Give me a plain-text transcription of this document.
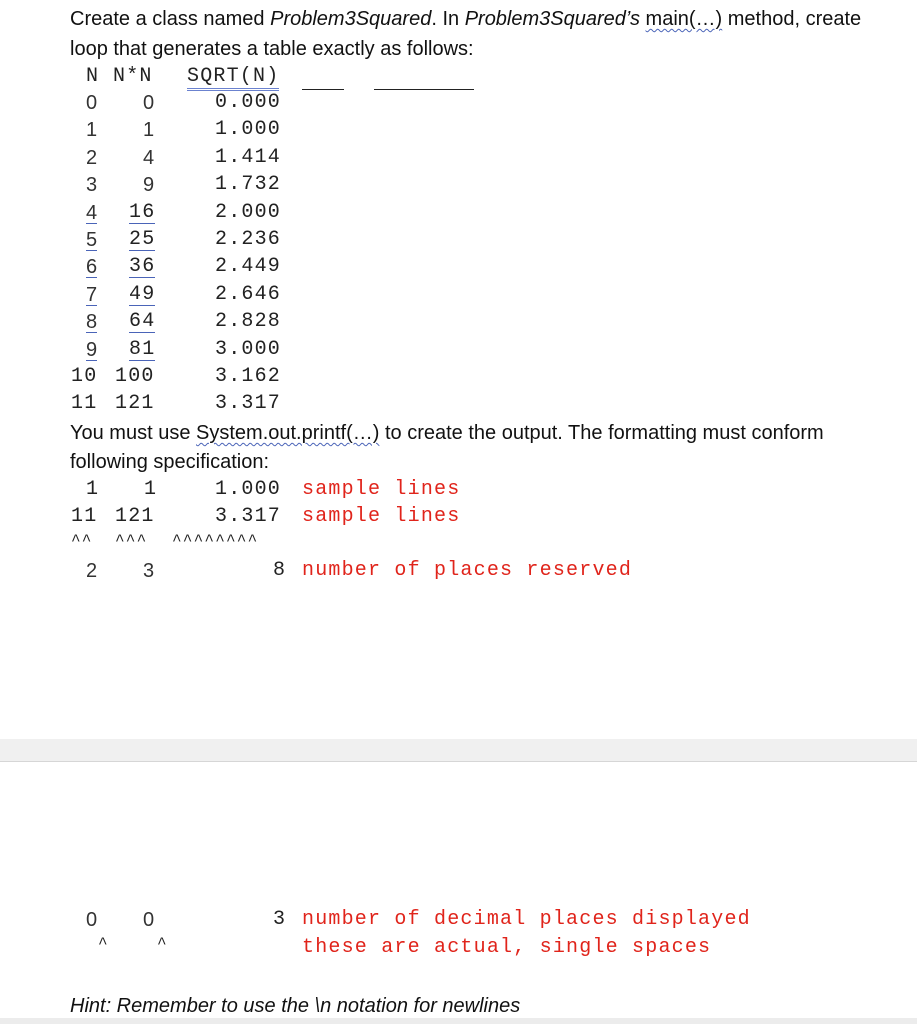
Create a class named Problem3Squared. In Problem3Squared’s main(…) method, create
loop that generates a table exactly as follows:
N N*N SQRT(N)
0 0	0.000
1 1	1.000
2 4	1.414
3 9	1.732
4 16	2.000
5 25	2.236
6 36	2.449
7 49	2.646
8 64	2.828
9 81	3.000
10 100	3.162
11 121	3.317
You must use System.out.printf(…) to create the output. The formatting must conform
following specification:
1 1	1.000 sample lines
11 121	3.317 sample lines
^^ ^^^ ^^^^^^^^
2 3	8 number of places reserved
0 0	3 number of decimal places displayed
^	^	these are actual, single spaces
Hint: Remember to use the \n notation for newlines
